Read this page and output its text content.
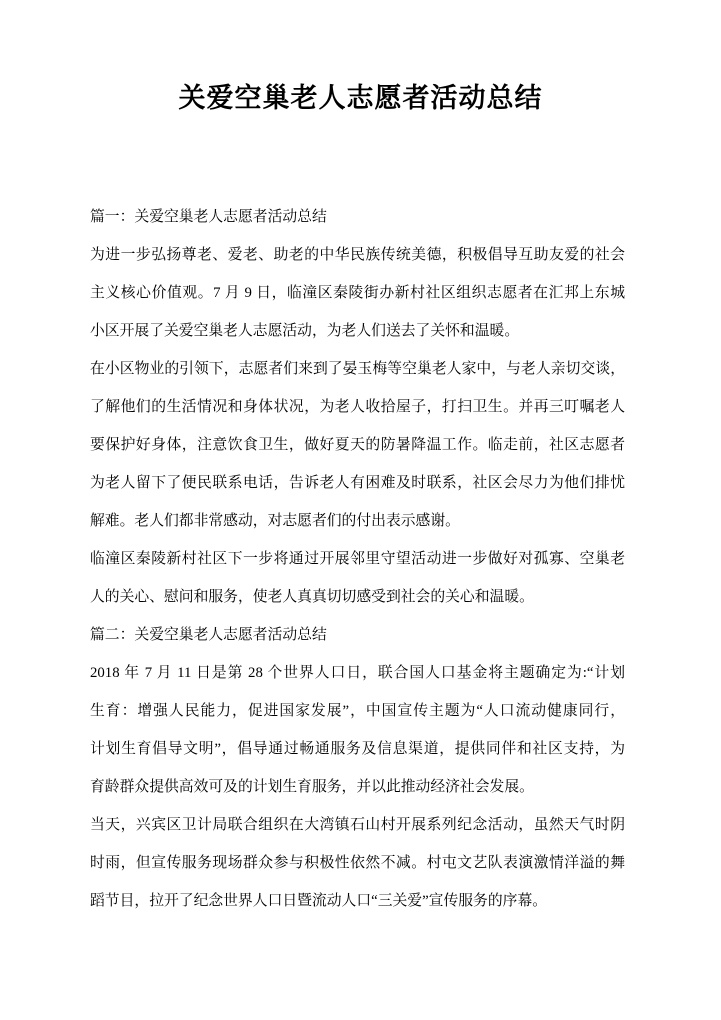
关爱空巢老人志愿者活动总结
篇一：关爱空巢老人志愿者活动总结
为进一步弘扬尊老、爱老、助老的中华民族传统美德，积极倡导互助友爱的社会
主义核心价值观。7 月 9 日，临潼区秦陵街办新村社区组织志愿者在汇邦上东城
小区开展了关爱空巢老人志愿活动，为老人们送去了关怀和温暖。
在小区物业的引领下，志愿者们来到了晏玉梅等空巢老人家中，与老人亲切交谈，
了解他们的生活情况和身体状况，为老人收拾屋子，打扫卫生。并再三叮嘱老人
要保护好身体，注意饮食卫生，做好夏天的防暑降温工作。临走前，社区志愿者
为老人留下了便民联系电话，告诉老人有困难及时联系，社区会尽力为他们排忧
解难。老人们都非常感动，对志愿者们的付出表示感谢。
临潼区秦陵新村社区下一步将通过开展邻里守望活动进一步做好对孤寡、空巢老
人的关心、慰问和服务，使老人真真切切感受到社会的关心和温暖。
篇二：关爱空巢老人志愿者活动总结
2018 年 7 月 11 日是第 28 个世界人口日，联合国人口基金将主题确定为:“计划
生育：增强人民能力，促进国家发展”，中国宣传主题为“人口流动健康同行，
计划生育倡导文明”，倡导通过畅通服务及信息渠道，提供同伴和社区支持，为
育龄群众提供高效可及的计划生育服务，并以此推动经济社会发展。
当天，兴宾区卫计局联合组织在大湾镇石山村开展系列纪念活动，虽然天气时阴
时雨，但宣传服务现场群众参与积极性依然不减。村屯文艺队表演激情洋溢的舞
蹈节目，拉开了纪念世界人口日暨流动人口“三关爱”宣传服务的序幕。
